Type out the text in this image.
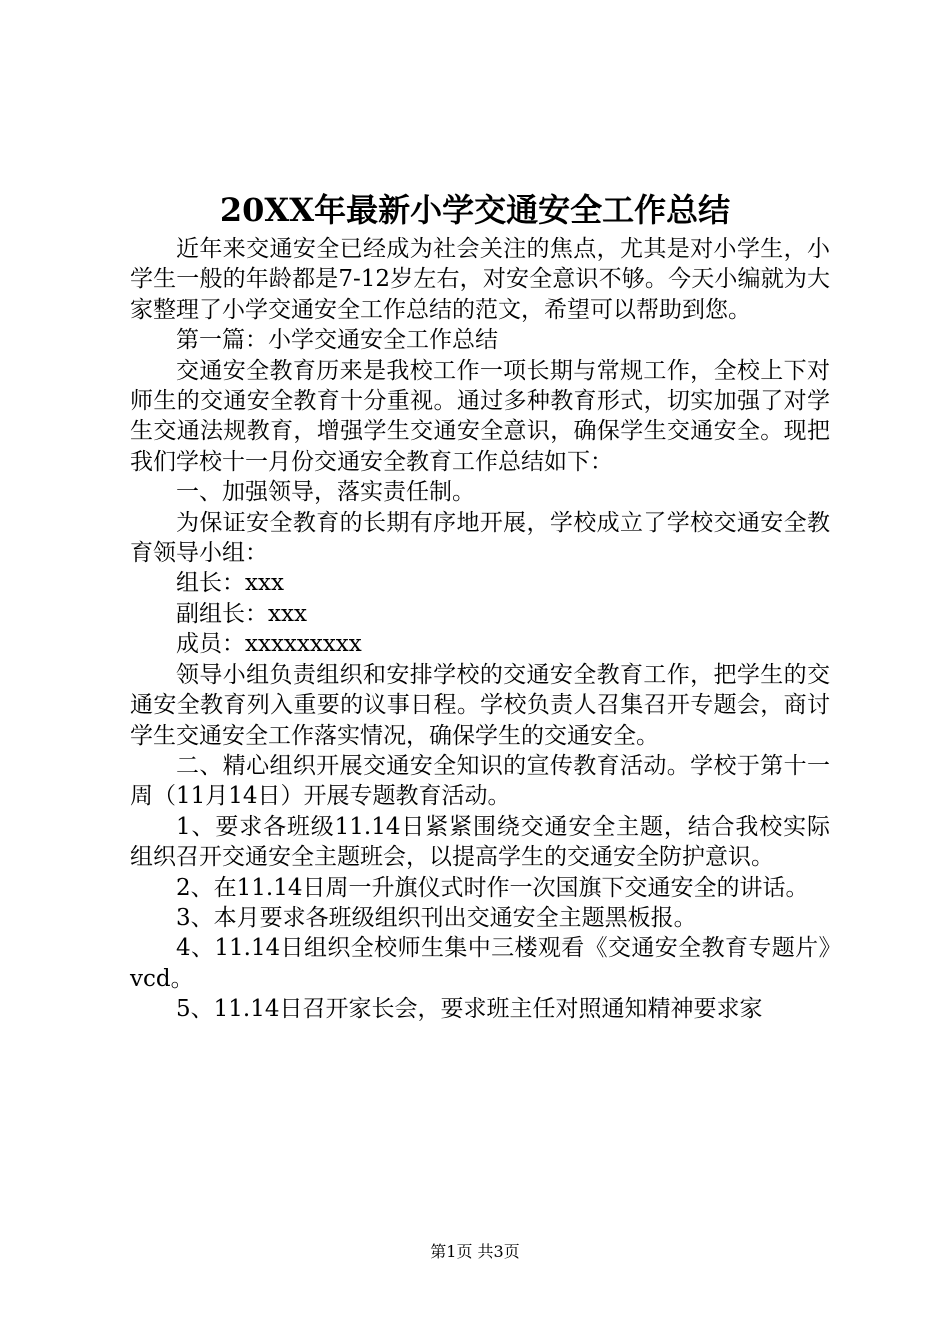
20XX年最新小学交通安全工作总结

近年来交通安全已经成为社会关注的焦点，尤其是对小学生，小学生一般的年龄都是7-12岁左右，对安全意识不够。今天小编就为大家整理了小学交通安全工作总结的范文，希望可以帮助到您。

第一篇：小学交通安全工作总结

交通安全教育历来是我校工作一项长期与常规工作，全校上下对师生的交通安全教育十分重视。通过多种教育形式，切实加强了对学生交通法规教育，增强学生交通安全意识，确保学生交通安全。现把我们学校十一月份交通安全教育工作总结如下：

一、加强领导，落实责任制。

为保证安全教育的长期有序地开展，学校成立了学校交通安全教育领导小组：

组长：xxx

副组长：xxx

成员：xxxxxxxxx

领导小组负责组织和安排学校的交通安全教育工作，把学生的交通安全教育列入重要的议事日程。学校负责人召集召开专题会，商讨学生交通安全工作落实情况，确保学生的交通安全。

二、精心组织开展交通安全知识的宣传教育活动。学校于第十一周（11月14日）开展专题教育活动。

1、要求各班级11.14日紧紧围绕交通安全主题，结合我校实际组织召开交通安全主题班会，以提高学生的交通安全防护意识。

2、在11.14日周一升旗仪式时作一次国旗下交通安全的讲话。

3、本月要求各班级组织刊出交通安全主题黑板报。

4、11.14日组织全校师生集中三楼观看《交通安全教育专题片》vcd。

5、11.14日召开家长会，要求班主任对照通知精神要求家

第1页 共3页
